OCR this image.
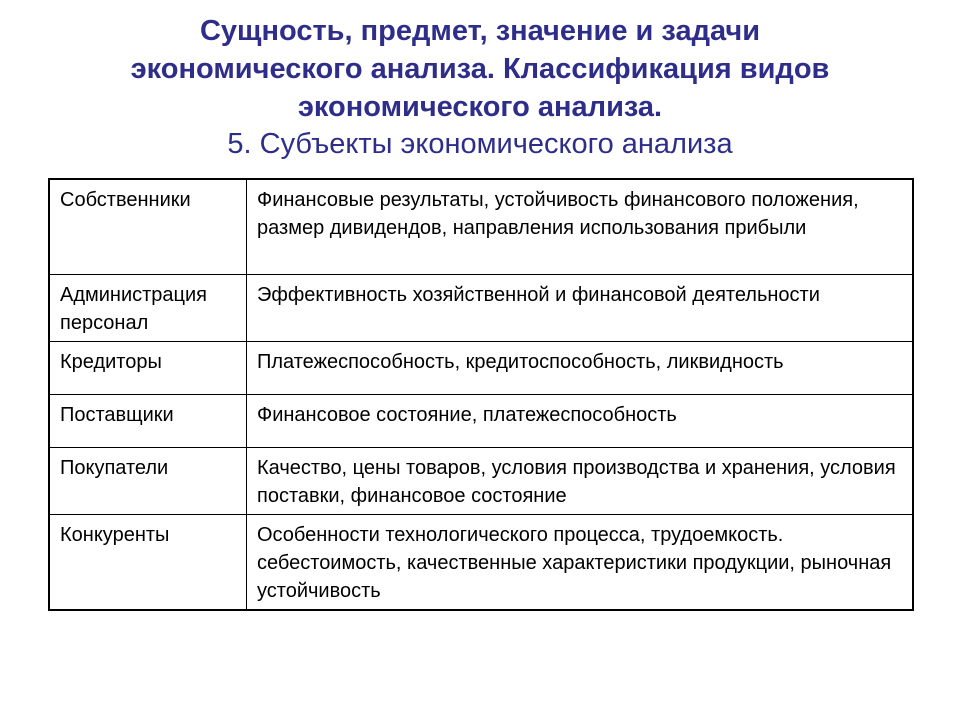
Сущность, предмет, значение и задачи
экономического анализа. Классификация видов
экономического анализа.
5. Субъекты экономического анализа
Собственники	Финансовые результаты, устойчивость финансового положения, размер дивидендов, направления использования прибыли
Администрация персонал	Эффективность хозяйственной и финансовой деятельности
Кредиторы	Платежеспособность, кредитоспособность, ликвидность
Поставщики	Финансовое состояние, платежеспособность
Покупатели	Качество, цены товаров, условия производства и хранения, условия поставки, финансовое состояние
Конкуренты	Особенности технологического процесса, трудоемкость. себестоимость, качественные характеристики продукции, рыночная устойчивость
